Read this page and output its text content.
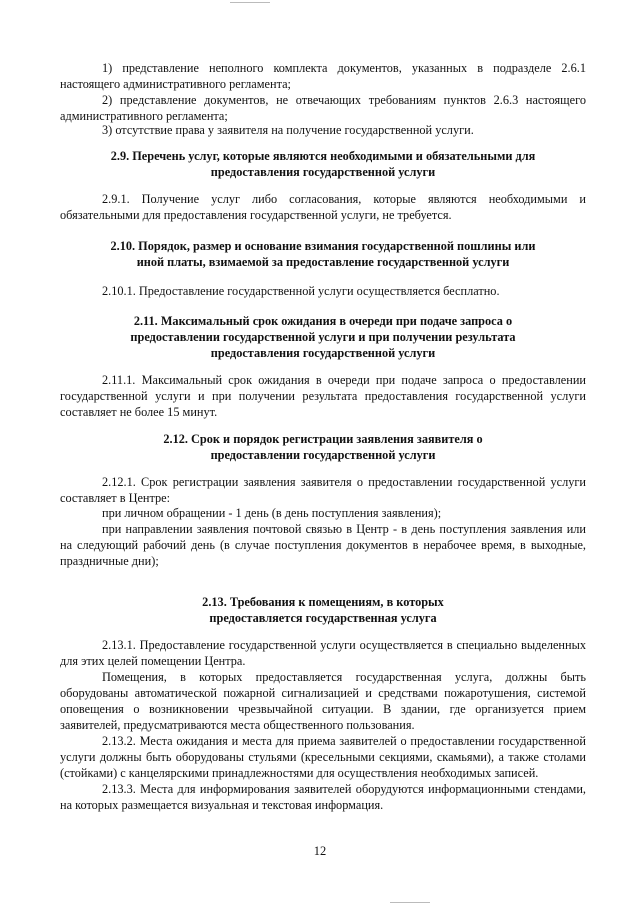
1) представление неполного комплекта документов, указанных в подразделе 2.6.1 настоящего административного регламента;

2) представление документов, не отвечающих требованиям пунктов 2.6.3 настоящего административного регламента;

3) отсутствие права у заявителя на получение государственной услуги.

2.9. Перечень услуг, которые являются необходимыми и обязательными для предоставления государственной услуги

2.9.1. Получение услуг либо согласования, которые являются необходимыми и обязательными для предоставления государственной услуги, не требуется.

2.10. Порядок, размер и основание взимания государственной пошлины или иной платы, взимаемой за предоставление государственной услуги

2.10.1. Предоставление государственной услуги осуществляется бесплатно.

2.11. Максимальный срок ожидания в очереди при подаче запроса о предоставлении государственной услуги и при получении результата предоставления государственной услуги

2.11.1. Максимальный срок ожидания в очереди при подаче запроса о предоставлении государственной услуги и при получении результата предоставления государственной услуги составляет не более 15 минут.

2.12. Срок и порядок регистрации заявления заявителя о предоставлении государственной услуги

2.12.1. Срок регистрации заявления заявителя о предоставлении государственной услуги составляет в Центре:

при личном обращении - 1 день (в день поступления заявления);

при направлении заявления почтовой связью в Центр - в день поступления заявления или на следующий рабочий день (в случае поступления документов в нерабочее время, в выходные, праздничные дни);

2.13. Требования к помещениям, в которых предоставляется государственная услуга

2.13.1. Предоставление государственной услуги осуществляется в специально выделенных для этих целей помещении Центра.

Помещения, в которых предоставляется государственная услуга, должны быть оборудованы автоматической пожарной сигнализацией и средствами пожаротушения, системой оповещения о возникновении чрезвычайной ситуации. В здании, где организуется прием заявителей, предусматриваются места общественного пользования.

2.13.2. Места ожидания и места для приема заявителей о предоставлении государственной услуги должны быть оборудованы стульями (кресельными секциями, скамьями), а также столами (стойками) с канцелярскими принадлежностями для осуществления необходимых записей.

2.13.3. Места для информирования заявителей оборудуются информационными стендами, на которых размещается визуальная и текстовая информация.

12
